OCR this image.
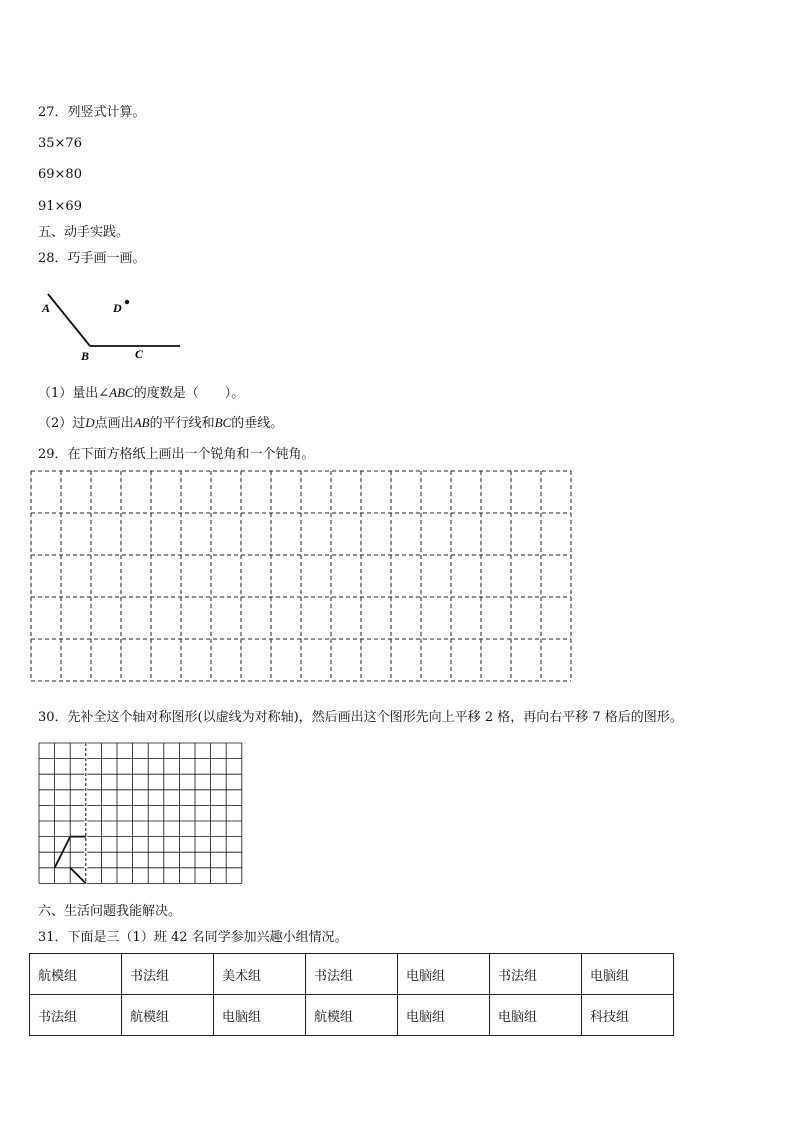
27．列竖式计算。
35×76
69×80
91×69
五、动手实践。
28．巧手画一画。
A
B	C
D
（1）量出∠ABC的度数是（　　）。
（2）过D点画出AB的平行线和BC的垂线。
29．在下面方格纸上画出一个锐角和一个钝角。
30．先补全这个轴对称图形(以虚线为对称轴)，然后画出这个图形先向上平移 2 格，再向右平移 7 格后的图形。
六、生活问题我能解决。
31．下面是三（1）班 42 名同学参加兴趣小组情况。
航模组	书法组	美术组	书法组	电脑组	书法组	电脑组
书法组	航模组	电脑组	航模组	电脑组	电脑组	科技组
